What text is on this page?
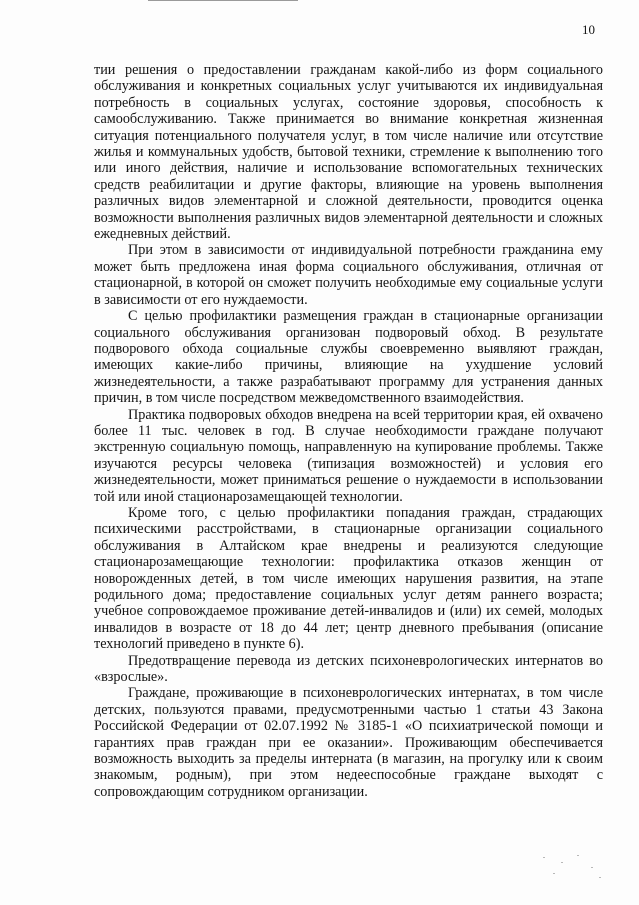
10

тии решения о предоставлении гражданам какой-либо из форм социального обслуживания и конкретных социальных услуг учитываются их индивидуальная потребность в социальных услугах, состояние здоровья, способность к самообслуживанию. Также принимается во внимание конкретная жизненная ситуация потенциального получателя услуг, в том числе наличие или отсутствие жилья и коммунальных удобств, бытовой техники, стремление к выполнению того или иного действия, наличие и использование вспомогательных технических средств реабилитации и другие факторы, влияющие на уровень выполнения различных видов элементарной и сложной деятельности, проводится оценка возможности выполнения различных видов элементарной деятельности и сложных ежедневных действий.

При этом в зависимости от индивидуальной потребности гражданина ему может быть предложена иная форма социального обслуживания, отличная от стационарной, в которой он сможет получить необходимые ему социальные услуги в зависимости от его нуждаемости.

С целью профилактики размещения граждан в стационарные организации социального обслуживания организован подворовый обход. В результате подворового обхода социальные службы своевременно выявляют граждан, имеющих какие-либо причины, влияющие на ухудшение условий жизнедеятельности, а также разрабатывают программу для устранения данных причин, в том числе посредством межведомственного взаимодействия.

Практика подворовых обходов внедрена на всей территории края, ей охвачено более 11 тыс. человек в год. В случае необходимости граждане получают экстренную социальную помощь, направленную на купирование проблемы. Также изучаются ресурсы человека (типизация возможностей) и условия его жизнедеятельности, может приниматься решение о нуждаемости в использовании той или иной стационарозамещающей технологии.

Кроме того, с целью профилактики попадания граждан, страдающих психическими расстройствами, в стационарные организации социального обслуживания в Алтайском крае внедрены и реализуются следующие стационарозамещающие технологии: профилактика отказов женщин от новорожденных детей, в том числе имеющих нарушения развития, на этапе родильного дома; предоставление социальных услуг детям раннего возраста; учебное сопровождаемое проживание детей-инвалидов и (или) их семей, молодых инвалидов в возрасте от 18 до 44 лет; центр дневного пребывания (описание технологий приведено в пункте 6).

Предотвращение перевода из детских психоневрологических интернатов во «взрослые».

Граждане, проживающие в психоневрологических интернатах, в том числе детских, пользуются правами, предусмотренными частью 1 статьи 43 Закона Российской Федерации от 02.07.1992 № 3185-1 «О психиатрической помощи и гарантиях прав граждан при ее оказании». Проживающим обеспечивается возможность выходить за пределы интерната (в магазин, на прогулку или к своим знакомым, родным), при этом недееспособные граждане выходят с сопровождающим сотрудником организации.
